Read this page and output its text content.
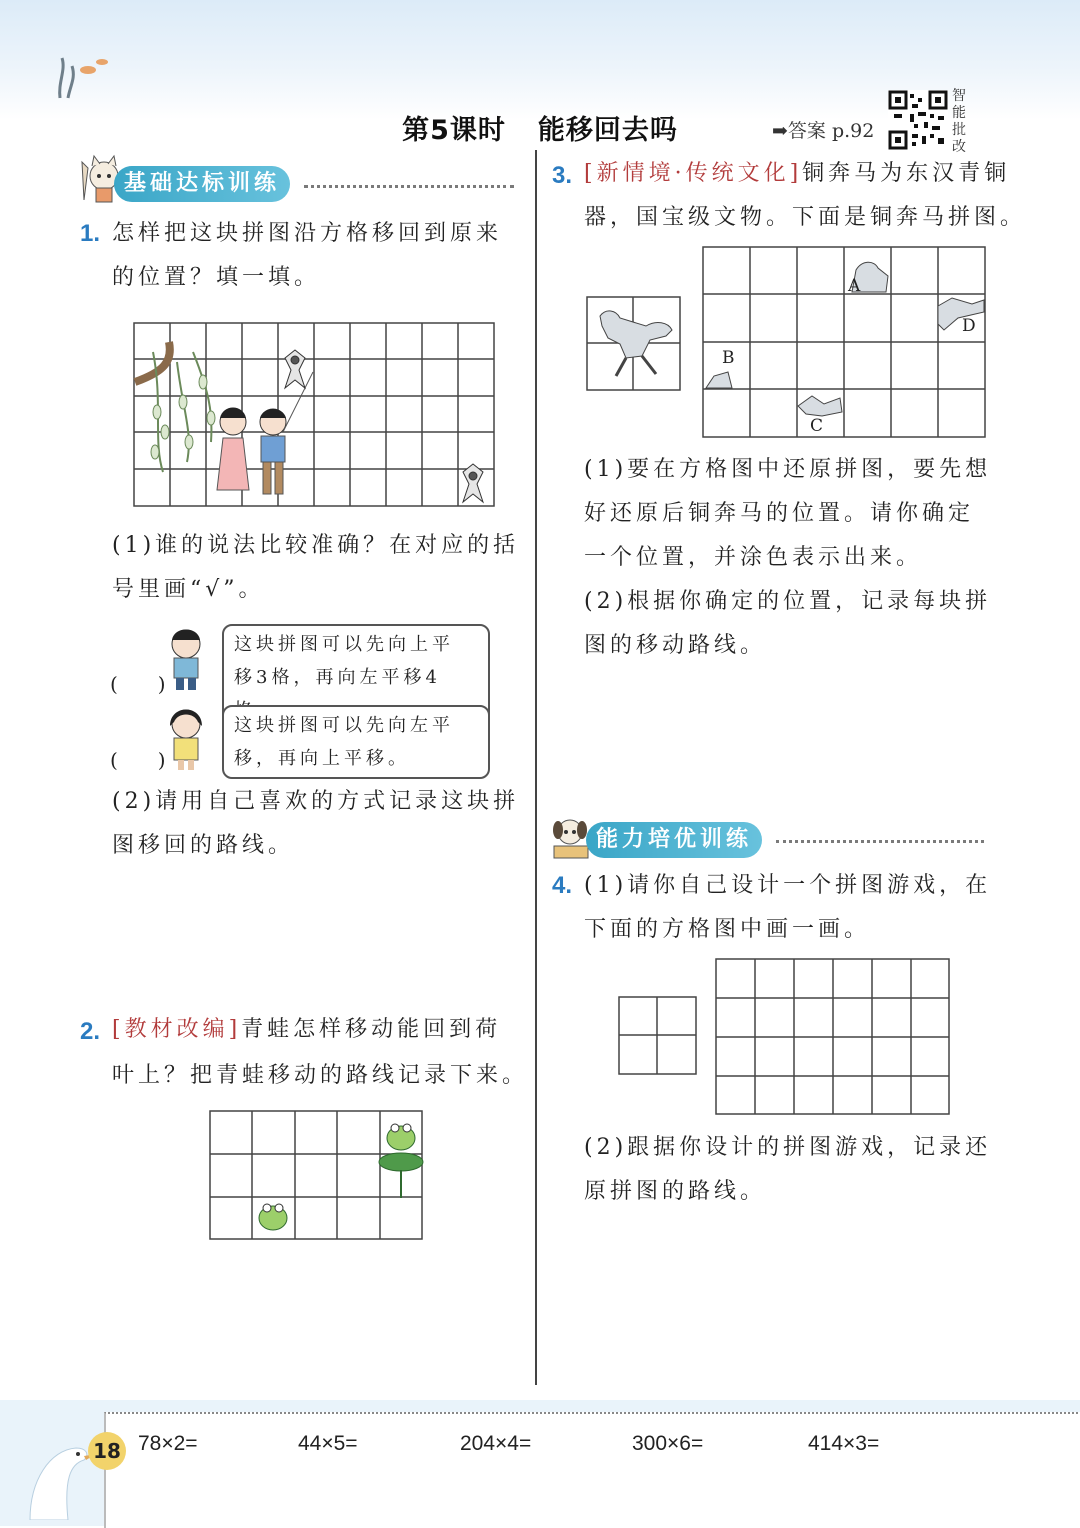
第5课时 能移回去吗	➡答案 p.92
智
能
批
改
基础达标训练
1. 怎样把这块拼图沿方格移回到原来
的位置？填一填。
(1)谁的说法比较准确？在对应的括
号里画“√”。
(　　)
这块拼图可以先向上平
移3格，再向左平移4
(　　)
这块拼图可以先向左平
移，再向上平移。
(2)请用自己喜欢的方式记录这块拼
图移回的路线。
2. [教材改编]青蛙怎样移动能回到荷
叶上？把青蛙移动的路线记录下来。
3. [新情境·传统文化]铜奔马为东汉青铜
器，国宝级文物。下面是铜奔马拼图。
A
B
C
D
(1)要在方格图中还原拼图，要先想
好还原后铜奔马的位置。请你确定
一个位置，并涂色表示出来。
(2)根据你确定的位置，记录每块拼
图的移动路线。
能力培优训练
4. (1)请你自己设计一个拼图游戏，在
下面的方格图中画一画。
(2)跟据你设计的拼图游戏，记录还
原拼图的路线。
18 78×2=	44×5=	204×4=	300×6=	414×3=
